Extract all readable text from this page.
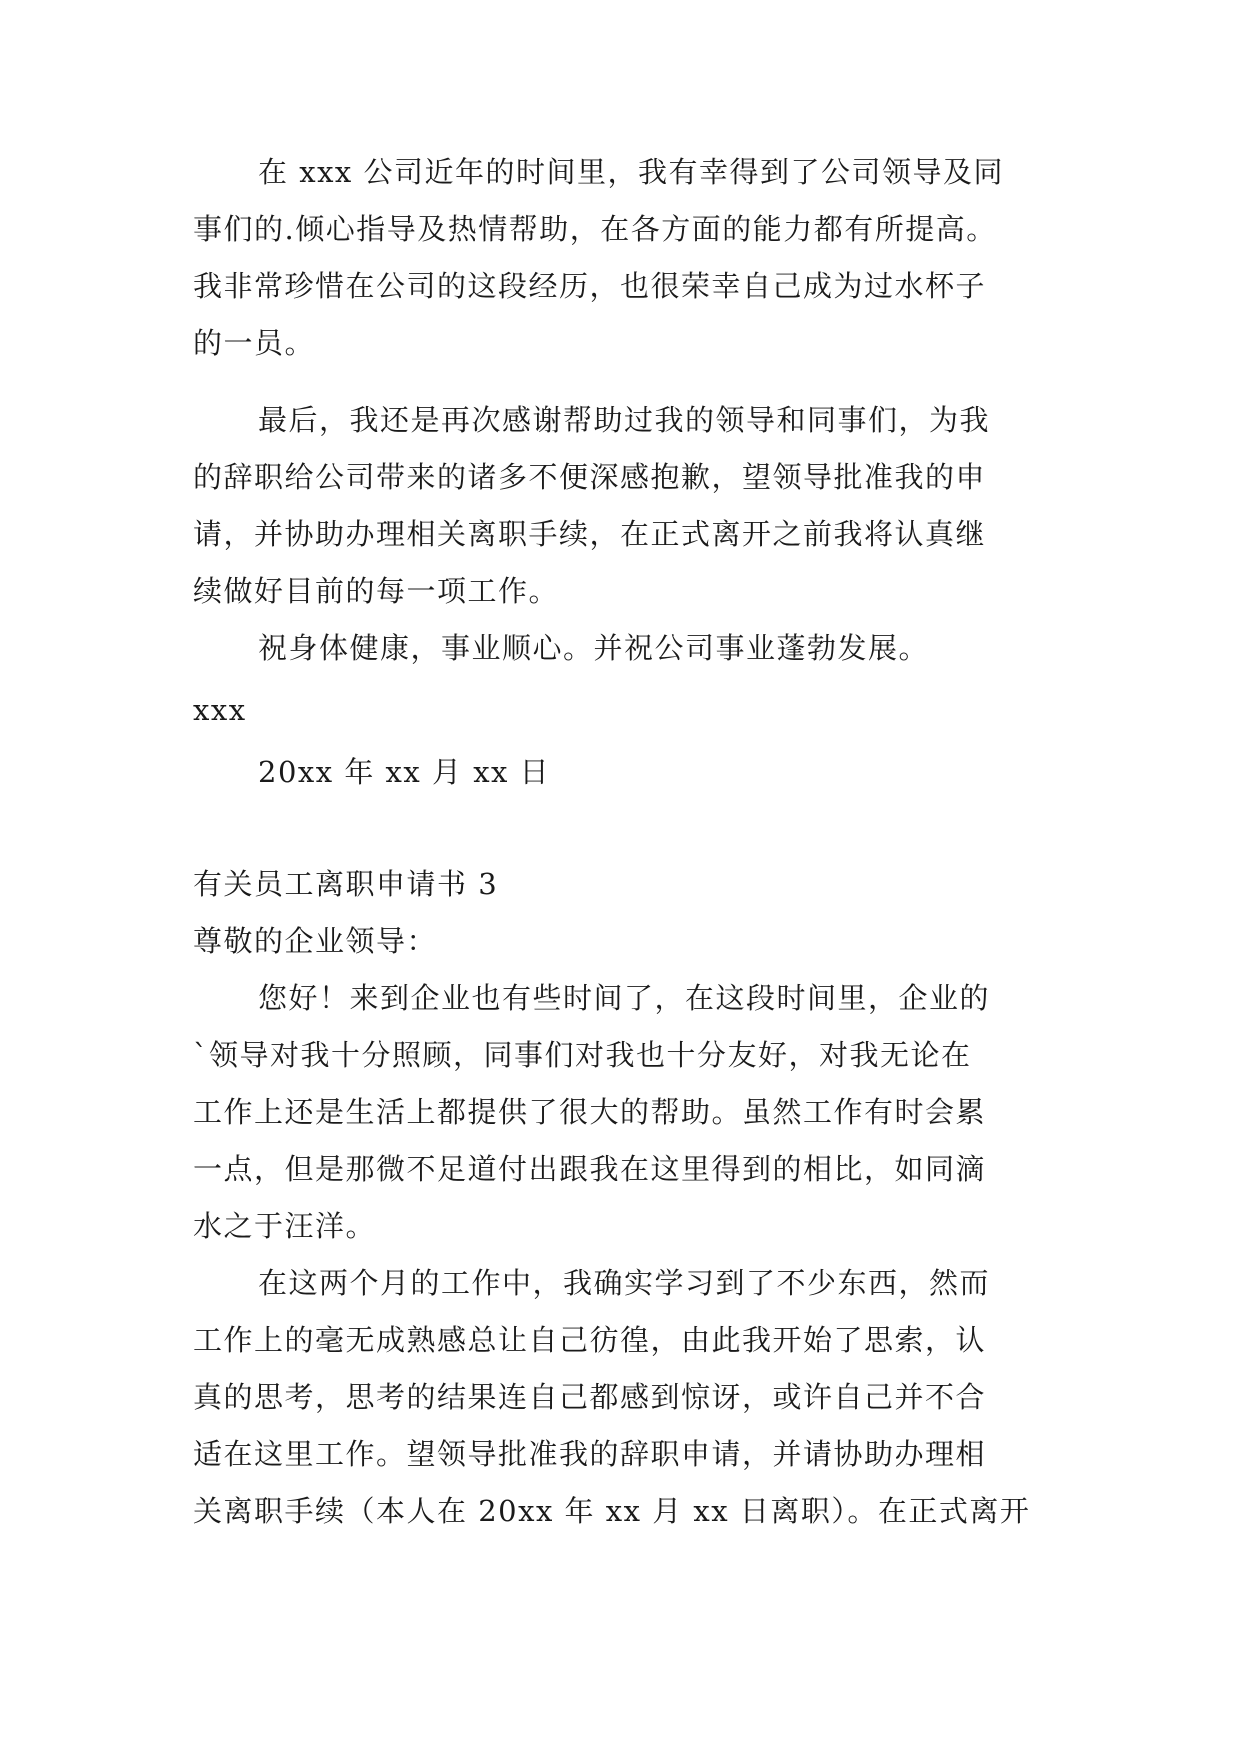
在 xxx 公司近年的时间里，我有幸得到了公司领导及同
事们的.倾心指导及热情帮助，在各方面的能力都有所提高。
我非常珍惜在公司的这段经历，也很荣幸自己成为过水杯子
的一员。
最后，我还是再次感谢帮助过我的领导和同事们，为我
的辞职给公司带来的诸多不便深感抱歉，望领导批准我的申
请，并协助办理相关离职手续，在正式离开之前我将认真继
续做好目前的每一项工作。
祝身体健康，事业顺心。并祝公司事业蓬勃发展。
xxx
20xx 年 xx 月 xx 日
有关员工离职申请书 3
尊敬的企业领导：
您好！来到企业也有些时间了，在这段时间里，企业的
`领导对我十分照顾，同事们对我也十分友好，对我无论在
工作上还是生活上都提供了很大的帮助。虽然工作有时会累
一点，但是那微不足道付出跟我在这里得到的相比，如同滴
水之于汪洋。
在这两个月的工作中，我确实学习到了不少东西，然而
工作上的毫无成熟感总让自己彷徨，由此我开始了思索，认
真的思考，思考的结果连自己都感到惊讶，或许自己并不合
适在这里工作。望领导批准我的辞职申请，并请协助办理相
关离职手续（本人在 20xx 年 xx 月 xx 日离职）。在正式离开
